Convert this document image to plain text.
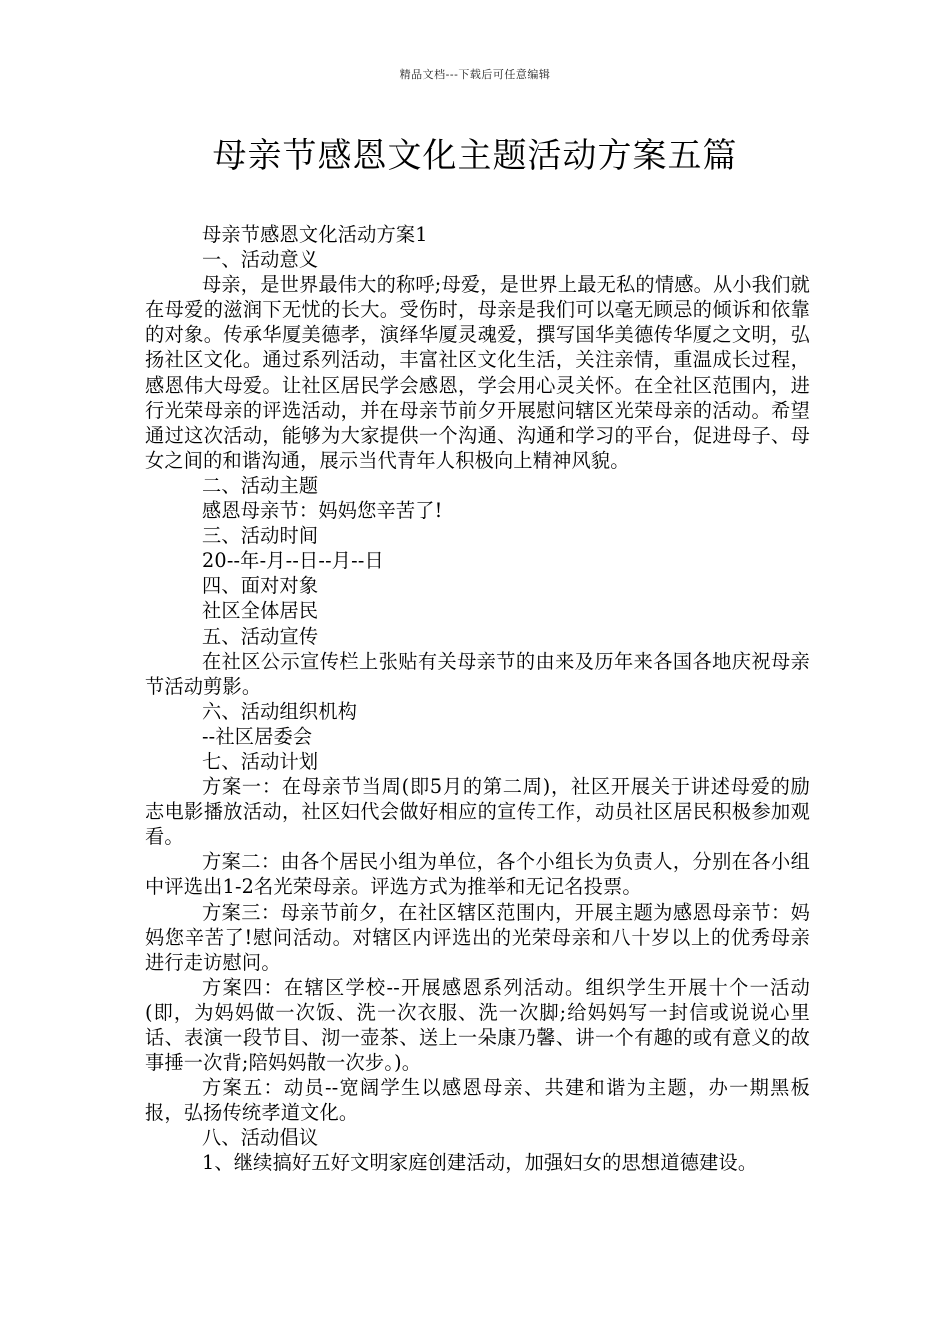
精品文档---下载后可任意编辑
母亲节感恩文化主题活动方案五篇

母亲节感恩文化活动方案1

一、活动意义

母亲，是世界最伟大的称呼;母爱，是世界上最无私的情感。从小我们就在母爱的滋润下无忧的长大。受伤时，母亲是我们可以毫无顾忌的倾诉和依靠的对象。传承华厦美德孝，演绎华厦灵魂爱，撰写国华美德传华厦之文明，弘扬社区文化。通过系列活动，丰富社区文化生活，关注亲情，重温成长过程，感恩伟大母爱。让社区居民学会感恩，学会用心灵关怀。在全社区范围内，进行光荣母亲的评选活动，并在母亲节前夕开展慰问辖区光荣母亲的活动。希望通过这次活动，能够为大家提供一个沟通、沟通和学习的平台，促进母子、母女之间的和谐沟通，展示当代青年人积极向上精神风貌。

二、活动主题

感恩母亲节：妈妈您辛苦了!

三、活动时间

20--年-月--日--月--日

四、面对对象

社区全体居民

五、活动宣传

在社区公示宣传栏上张贴有关母亲节的由来及历年来各国各地庆祝母亲节活动剪影。

六、活动组织机构

--社区居委会

七、活动计划

方案一：在母亲节当周(即5月的第二周)，社区开展关于讲述母爱的励志电影播放活动，社区妇代会做好相应的宣传工作，动员社区居民积极参加观看。

方案二：由各个居民小组为单位，各个小组长为负责人，分别在各小组中评选出1-2名光荣母亲。评选方式为推举和无记名投票。

方案三：母亲节前夕，在社区辖区范围内，开展主题为感恩母亲节：妈妈您辛苦了!慰问活动。对辖区内评选出的光荣母亲和八十岁以上的优秀母亲进行走访慰问。

方案四：在辖区学校--开展感恩系列活动。组织学生开展十个一活动(即，为妈妈做一次饭、洗一次衣服、洗一次脚;给妈妈写一封信或说说心里话、表演一段节目、沏一壶茶、送上一朵康乃馨、讲一个有趣的或有意义的故事捶一次背;陪妈妈散一次步。)。

方案五：动员--宽阔学生以感恩母亲、共建和谐为主题，办一期黑板报，弘扬传统孝道文化。

八、活动倡议

1、继续搞好五好文明家庭创建活动，加强妇女的思想道德建设。
